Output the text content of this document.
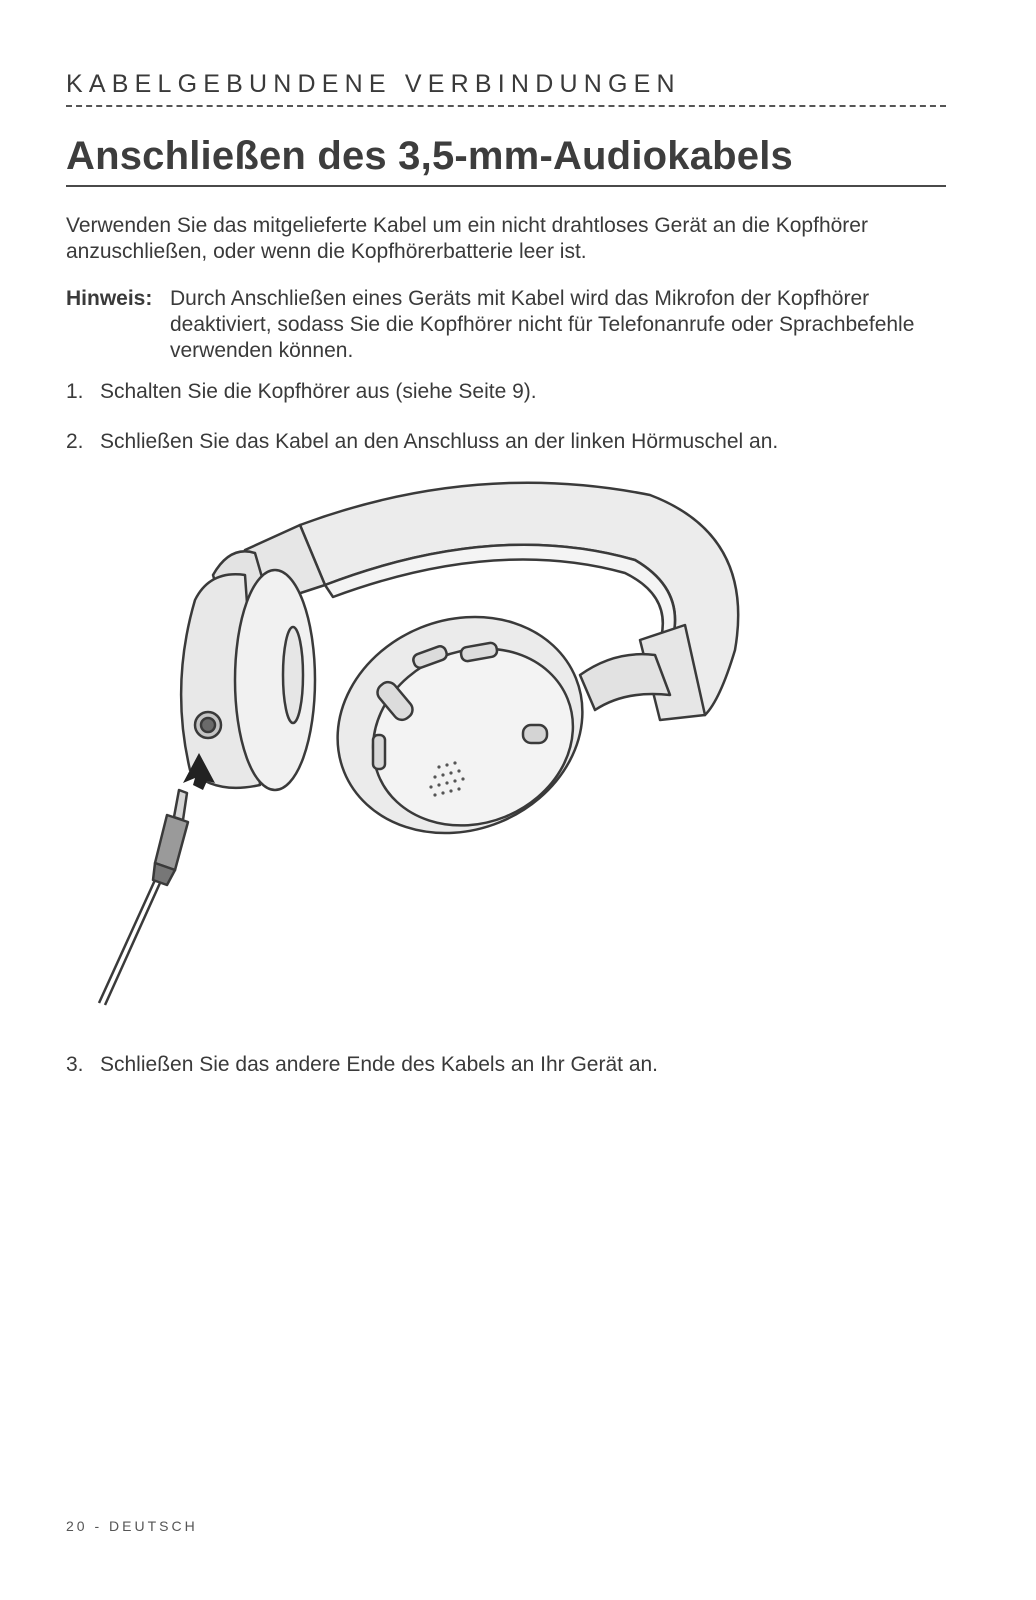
KABELGEBUNDENE VERBINDUNGEN
Anschließen des 3,5-mm-Audiokabels

Verwenden Sie das mitgelieferte Kabel um ein nicht drahtloses Gerät an die Kopfhörer anzuschließen, oder wenn die Kopfhörerbatterie leer ist.

Hinweis: Durch Anschließen eines Geräts mit Kabel wird das Mikrofon der Kopfhörer deaktiviert, sodass Sie die Kopfhörer nicht für Telefonanrufe oder Sprachbefehle verwenden können.
1. Schalten Sie die Kopfhörer aus (siehe Seite 9).
2. Schließen Sie das Kabel an den Anschluss an der linken Hörmuschel an.
3. Schließen Sie das andere Ende des Kabels an Ihr Gerät an.
20 - DEUTSCH
